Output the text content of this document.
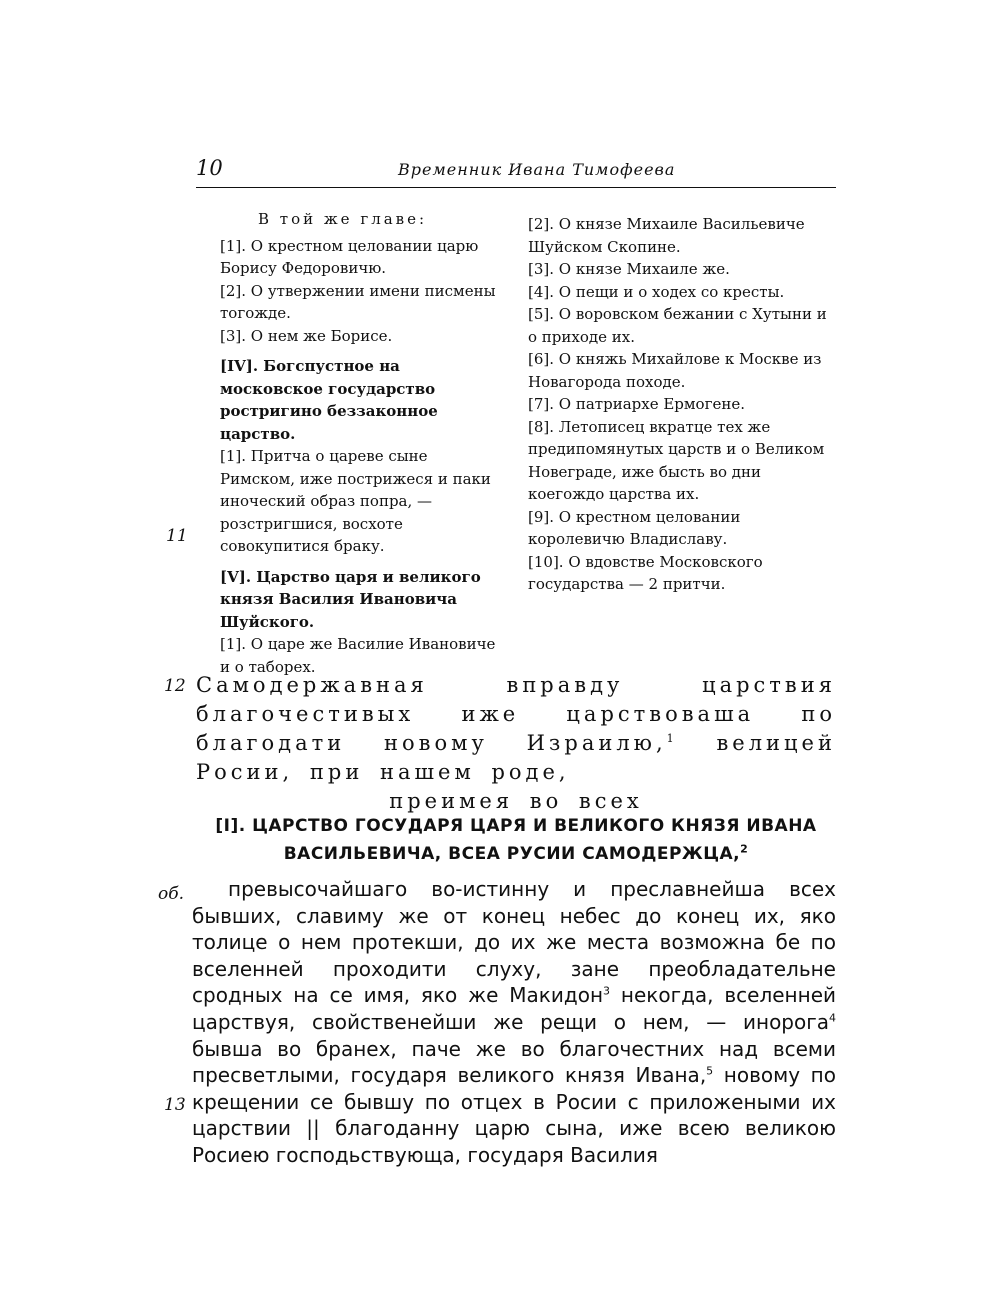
10	Временник Ивана Тимофеева

В той же главе:

[1]. О крестном целовании царю Борису Федоровичю.

[2]. О утвержении имени писмены тогожде.

[3]. О нем же Борисе.

[IV]. Богспустное на московское государство ростригино беззаконное царство.

[1]. Притча о цареве сыне Римском, иже пострижеся и паки иноческий образ попра, — розстригшися, восхоте совокупитися браку.

[V]. Царство царя и великого князя Василия Ивановича Шуйского.

[1]. О царе же Василие Ивановиче и о таборех.

11

[2]. О князе Михаиле Васильевиче Шуйском Скопине.

[3]. О князе Михаиле же.

[4]. О пещи и о ходех со кресты.

[5]. О воровском бежании с Хутыни и о приходе их.

[6]. О княжь Михайлове к Москве из Новагорода походе.

[7]. О патриархе Ермогене.

[8]. Летописец вкратце тех же предипомянутых царств и о Великом Новеграде, иже бысть во дни коегождо царства их.

[9]. О крестном целовании королевичю Владиславу.

[10]. О вдовстве Московского государства — 2 притчи.

12 Самодержавная вправду царствия благочестивых иже царствоваша по благодати новому Израилю,$^1$ велицей Росии, при нашем роде,
преимея во всех
[I]. ЦАРСТВО ГОСУДАРЯ ЦАРЯ И ВЕЛИКОГО КНЯЗЯ ИВАНА ВАСИЛЬЕВИЧА, ВСЕА РУСИИ САМОДЕРЖЦА,$^2$
об.
13

превысочайшаго во-истинну и преславнейша всех бывших, славиму же от конец небес до конец их, яко толице о нем протекши, до их же места возможна бе по вселенней проходити слуху, зане преобладательне сродных на се имя, яко же Макидон$^3$ некогда, вселенней царствуя, свойственейши же рещи о нем, — инорога$^4$ бывша во бранех, паче же во благочестних над всеми пресветлыми, государя великого князя Ивана,$^5$ новому по крещении се бывшу по отцех в Росии с приложеными их царствии || благоданну царю сына, иже всею великою Росиею господьствующа, государя Василия
